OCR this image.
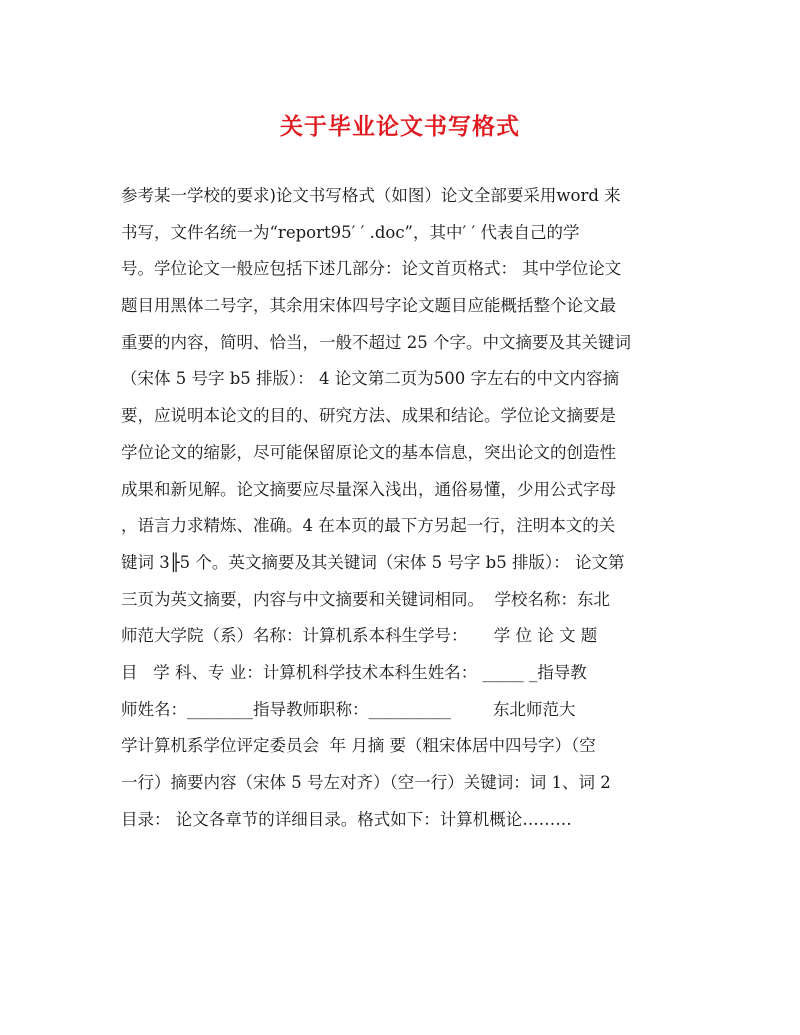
关于毕业论文书写格式
参考某一学校的要求)论文书写格式（如图）论文全部要采用word 来
书写，文件名统一为“report95′ ′ .doc”，其中′ ′ 代表自己的学
号。学位论文一般应包括下述几部分：论文首页格式： 其中学位论文
题目用黑体二号字，其余用宋体四号字论文题目应能概括整个论文最
重要的内容，简明、恰当，一般不超过 25 个字。中文摘要及其关键词
（宋体 5 号字 b5 排版）： 4 论文第二页为500 字左右的中文内容摘
要，应说明本论文的目的、研究方法、成果和结论。学位论文摘要是
学位论文的缩影，尽可能保留原论文的基本信息，突出论文的创造性
成果和新见解。论文摘要应尽量深入浅出，通俗易懂，少用公式字母
，语言力求精炼、准确。4 在本页的最下方另起一行，注明本文的关
键词 3╟5 个。英文摘要及其关键词（宋体 5 号字 b5 排版）： 论文第
三页为英文摘要，内容与中文摘要和关键词相同。  学校名称：东北
师范大学院（系）名称：计算机系本科生学号：     学 位 论 文 题
目   学 科、专 业：计算机科学技术本科生姓名： _____ _指导教
师姓名：________指导教师职称：__________        东北师范大
学计算机系学位评定委员会  年 月摘 要（粗宋体居中四号字）（空
一行）摘要内容（宋体 5 号左对齐）（空一行）关键词：词 1、词 2
目录： 论文各章节的详细目录。格式如下：计算机概论………
